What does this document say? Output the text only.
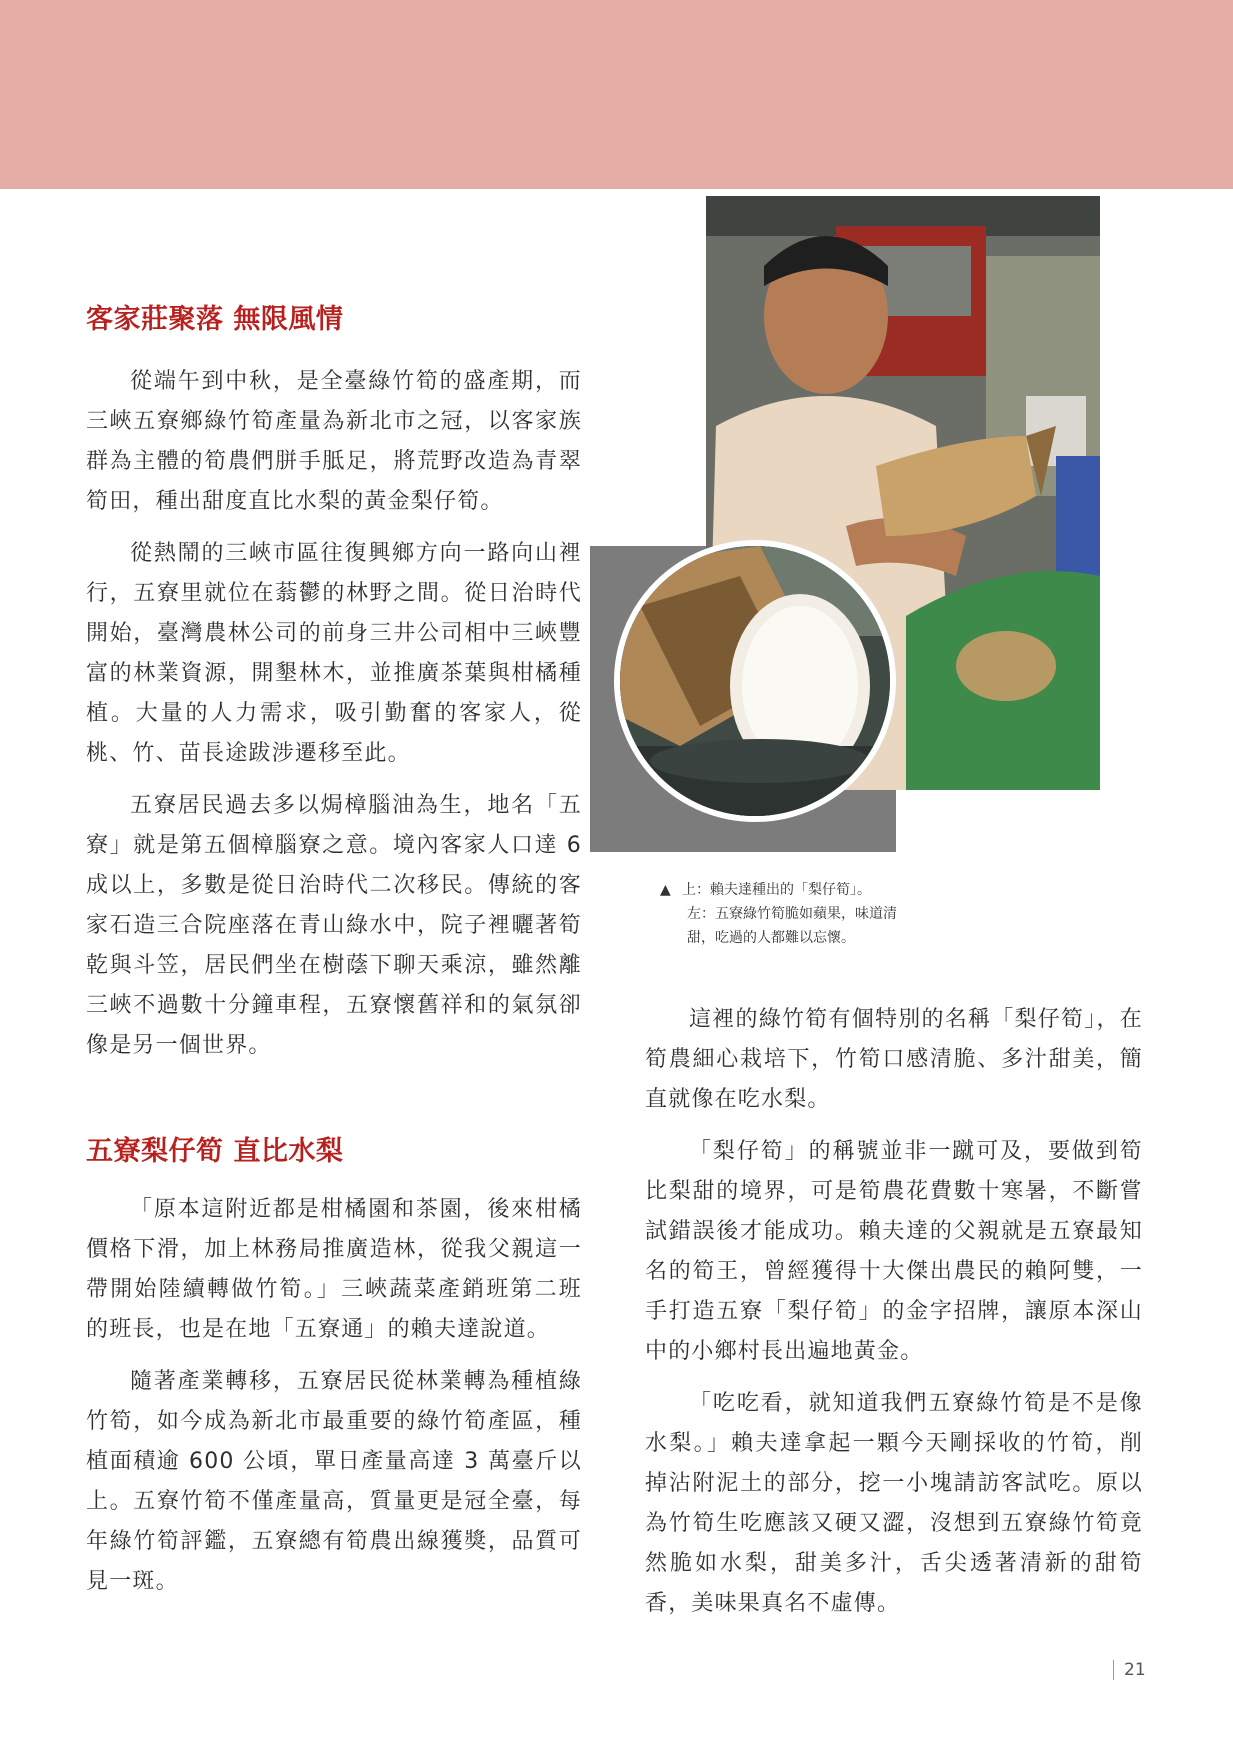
客家莊聚落 無限風情

從端午到中秋，是全臺綠竹筍的盛產期，而三峽五寮鄉綠竹筍產量為新北市之冠，以客家族群為主體的筍農們胼手胝足，將荒野改造為青翠筍田，種出甜度直比水梨的黃金梨仔筍。

從熱鬧的三峽市區往復興鄉方向一路向山裡行，五寮里就位在蓊鬱的林野之間。從日治時代開始，臺灣農林公司的前身三井公司相中三峽豐富的林業資源，開墾林木，並推廣茶葉與柑橘種植。大量的人力需求，吸引勤奮的客家人，從桃、竹、苗長途跋涉遷移至此。

五寮居民過去多以焗樟腦油為生，地名「五寮」就是第五個樟腦寮之意。境內客家人口達 6 成以上，多數是從日治時代二次移民。傳統的客家石造三合院座落在青山綠水中，院子裡曬著筍乾與斗笠，居民們坐在樹蔭下聊天乘涼，雖然離三峽不過數十分鐘車程，五寮懷舊祥和的氣氛卻像是另一個世界。

五寮梨仔筍 直比水梨

「原本這附近都是柑橘園和茶園，後來柑橘價格下滑，加上林務局推廣造林，從我父親這一帶開始陸續轉做竹筍。」三峽蔬菜產銷班第二班的班長，也是在地「五寮通」的賴夫達說道。

隨著產業轉移，五寮居民從林業轉為種植綠竹筍，如今成為新北市最重要的綠竹筍產區，種植面積逾 600 公頃，單日產量高達 3 萬臺斤以上。五寮竹筍不僅產量高，質量更是冠全臺，每年綠竹筍評鑑，五寮總有筍農出線獲獎，品質可見一斑。

▲ 上：賴夫達種出的「梨仔筍」。
左：五寮綠竹筍脆如蘋果，味道清
甜，吃過的人都難以忘懷。

這裡的綠竹筍有個特別的名稱「梨仔筍」，在筍農細心栽培下，竹筍口感清脆、多汁甜美，簡直就像在吃水梨。

「梨仔筍」的稱號並非一蹴可及，要做到筍比梨甜的境界，可是筍農花費數十寒暑，不斷嘗試錯誤後才能成功。賴夫達的父親就是五寮最知名的筍王，曾經獲得十大傑出農民的賴阿雙，一手打造五寮「梨仔筍」的金字招牌，讓原本深山中的小鄉村長出遍地黃金。

「吃吃看，就知道我們五寮綠竹筍是不是像水梨。」賴夫達拿起一顆今天剛採收的竹筍，削掉沾附泥土的部分，挖一小塊請訪客試吃。原以為竹筍生吃應該又硬又澀，沒想到五寮綠竹筍竟然脆如水梨，甜美多汁，舌尖透著清新的甜筍香，美味果真名不虛傳。

21
